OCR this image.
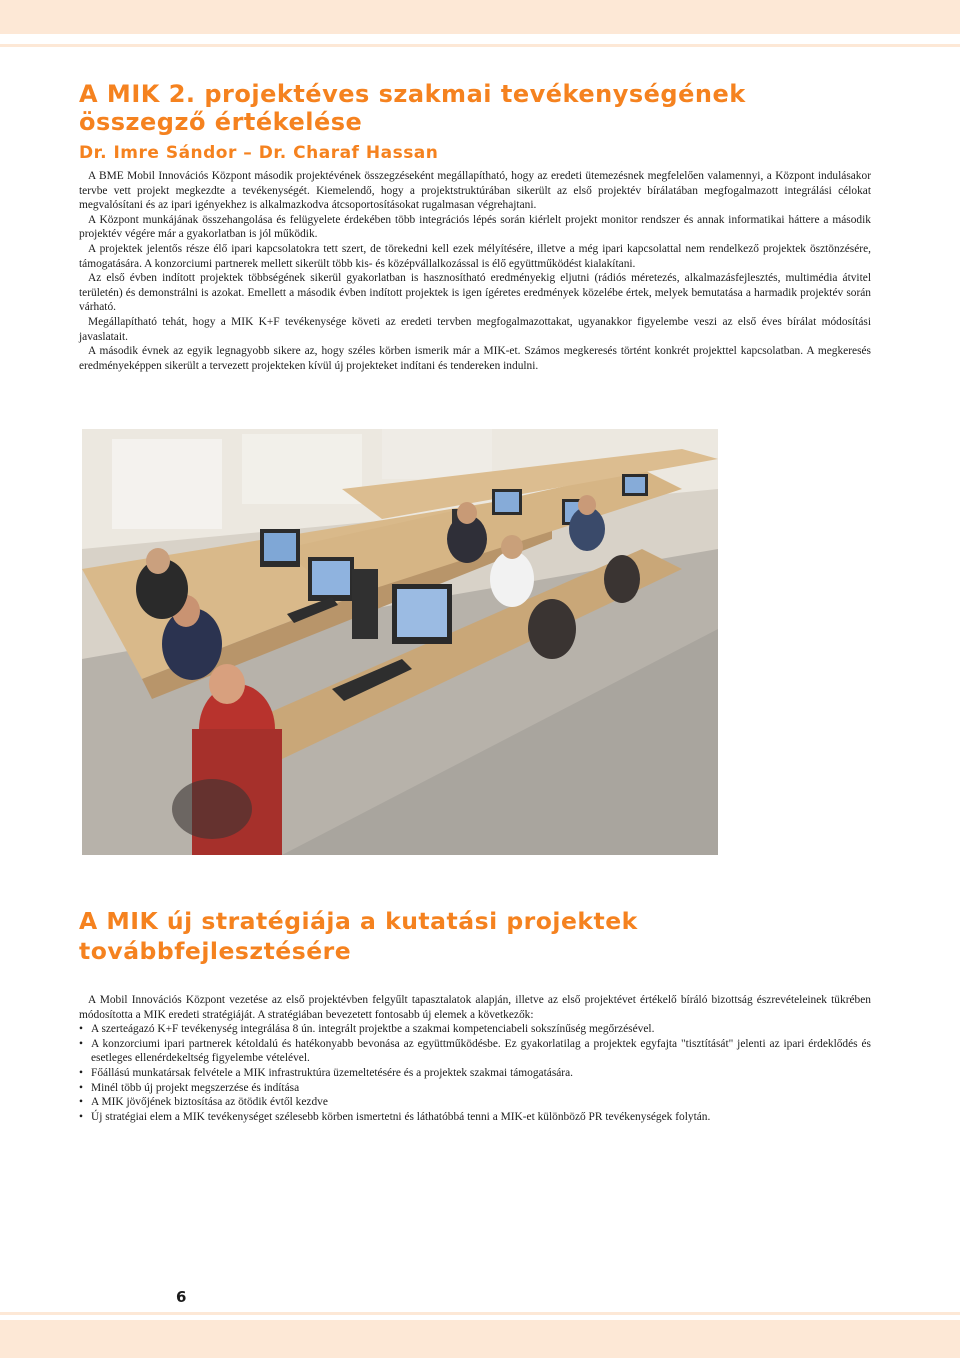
A MIK 2. projektéves szakmai tevékenységének összegző értékelése
Dr. Imre Sándor – Dr. Charaf Hassan

A BME Mobil Innovációs Központ második projektévének összegzéseként megállapítható, hogy az eredeti ütemezésnek megfelelően valamennyi, a Központ indulásakor tervbe vett projekt megkezdte a tevékenységét. Kiemelendő, hogy a projektstruktúrában sikerült az első projektév bírálatában megfogalmazott integrálási célokat megvalósítani és az ipari igényekhez is alkalmazkodva átcsoportosításokat rugalmasan végrehajtani.

A Központ munkájának összehangolása és felügyelete érdekében több integrációs lépés során kiérlelt projekt monitor rendszer és annak informatikai háttere a második projektév végére már a gyakorlatban is jól működik.

A projektek jelentős része élő ipari kapcsolatokra tett szert, de törekedni kell ezek mélyítésére, illetve a még ipari kapcsolattal nem rendelkező projektek ösztönzésére, támogatására. A konzorciumi partnerek mellett sikerült több kis- és középvállalkozással is élő együttműködést kialakítani.

Az első évben indított projektek többségének sikerül gyakorlatban is hasznosítható eredményekig eljutni (rádiós méretezés, alkalmazásfejlesztés, multimédia átvitel területén) és demonstrálni is azokat. Emellett a második évben indított projektek is igen ígéretes eredmények közelébe értek, melyek bemutatása a harmadik projektév során várható.

Megállapítható tehát, hogy a MIK K+F tevékenysége követi az eredeti tervben megfogalmazottakat, ugyanakkor figyelembe veszi az első éves bírálat módosítási javaslatait.

A második évnek az egyik legnagyobb sikere az, hogy széles körben ismerik már a MIK-et. Számos megkeresés történt konkrét projekttel kapcsolatban. A megkeresés eredményeképpen sikerült a tervezett projekteken kívül új projekteket indítani és tendereken indulni.

A MIK új stratégiája a kutatási projektek továbbfejlesztésére

A Mobil Innovációs Központ vezetése az első projektévben felgyűlt tapasztalatok alapján, illetve az első projektévet értékelő bíráló bizottság észrevételeinek tükrében módosította a MIK eredeti stratégiáját. A stratégiában bevezetett fontosabb új elemek a következők:

• A szerteágazó K+F tevékenység integrálása 8 ún. integrált projektbe a szakmai kompetenciabeli sokszínűség megőrzésével.
• A konzorciumi ipari partnerek kétoldalú és hatékonyabb bevonása az együttműködésbe. Ez gyakorlatilag a projektek egyfajta "tisztítását" jelenti az ipari érdeklődés és esetleges ellenérdekeltség figyelembe vételével.
• Főállású munkatársak felvétele a MIK infrastruktúra üzemeltetésére és a projektek szakmai támogatására.
• Minél több új projekt megszerzése és indítása
• A MIK jövőjének biztosítása az ötödik évtől kezdve
• Új stratégiai elem a MIK tevékenységet szélesebb körben ismertetni és láthatóbbá tenni a MIK-et különböző PR tevékenységek folytán.
6
